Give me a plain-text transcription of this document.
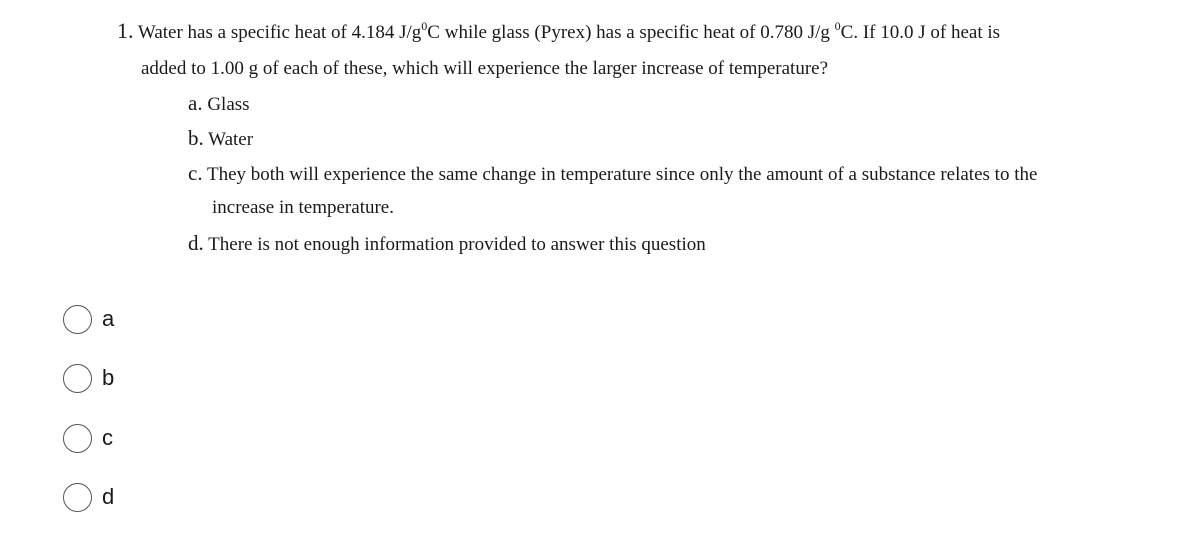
1. Water has a specific heat of 4.184 $J/g^0C$ while glass (Pyrex) has a specific heat of 0.780 J/g $^0$C. If 10.0 J of heat is
added to 1.00 g of each of these, which will experience the larger increase of temperature?
a. Glass
b. Water
c. They both will experience the same change in temperature since only the amount of a substance relates to the
increase in temperature.
d. There is not enough information provided to answer this question
a
b
c
d
